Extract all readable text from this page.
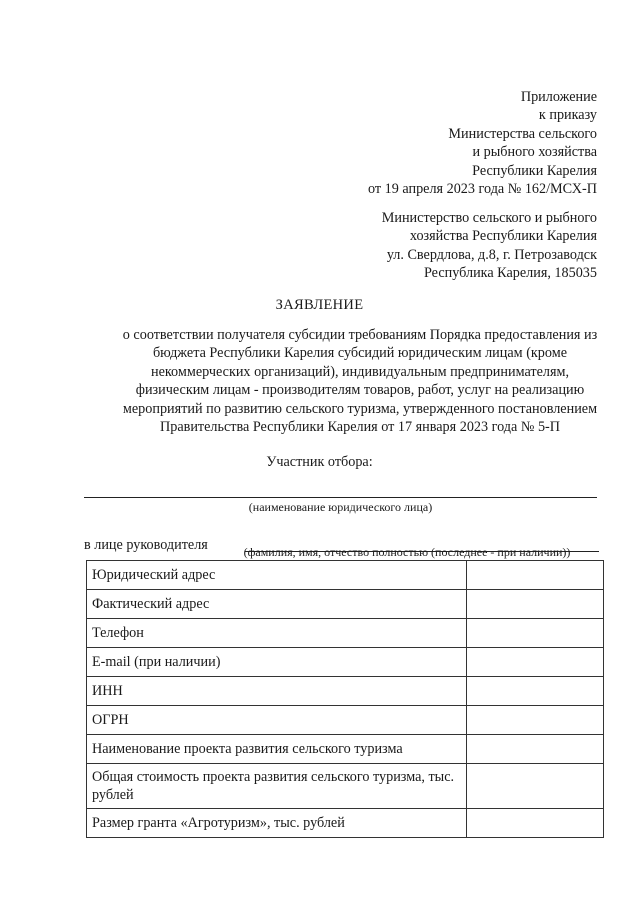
Приложение
к приказу
Министерства сельского
и рыбного хозяйства
Республики Карелия
от 19 апреля 2023 года № 162/МСХ-П
Министерство сельского и рыбного
хозяйства Республики Карелия
ул. Свердлова, д.8, г. Петрозаводск
Республика Карелия, 185035
ЗАЯВЛЕНИЕ
о соответствии получателя субсидии требованиям Порядка предоставления из
бюджета Республики Карелия субсидий юридическим лицам (кроме
некоммерческих организаций), индивидуальным предпринимателям,
физическим лицам - производителям товаров, работ, услуг на реализацию
мероприятий по развитию сельского туризма, утвержденного постановлением
Правительства Республики Карелия от 17 января 2023 года № 5-П
Участник отбора:
(наименование юридического лица)
в лице руководителя	(фамилия, имя, отчество полностью (последнее - при наличии))
Юридический адрес	
Фактический адрес	
Телефон	
E-mail (при наличии)	
ИНН	
ОГРН	
Наименование проекта развития сельского туризма	
Общая стоимость проекта развития сельского туризма, тыс. рублей	
Размер гранта «Агротуризм», тыс. рублей	
